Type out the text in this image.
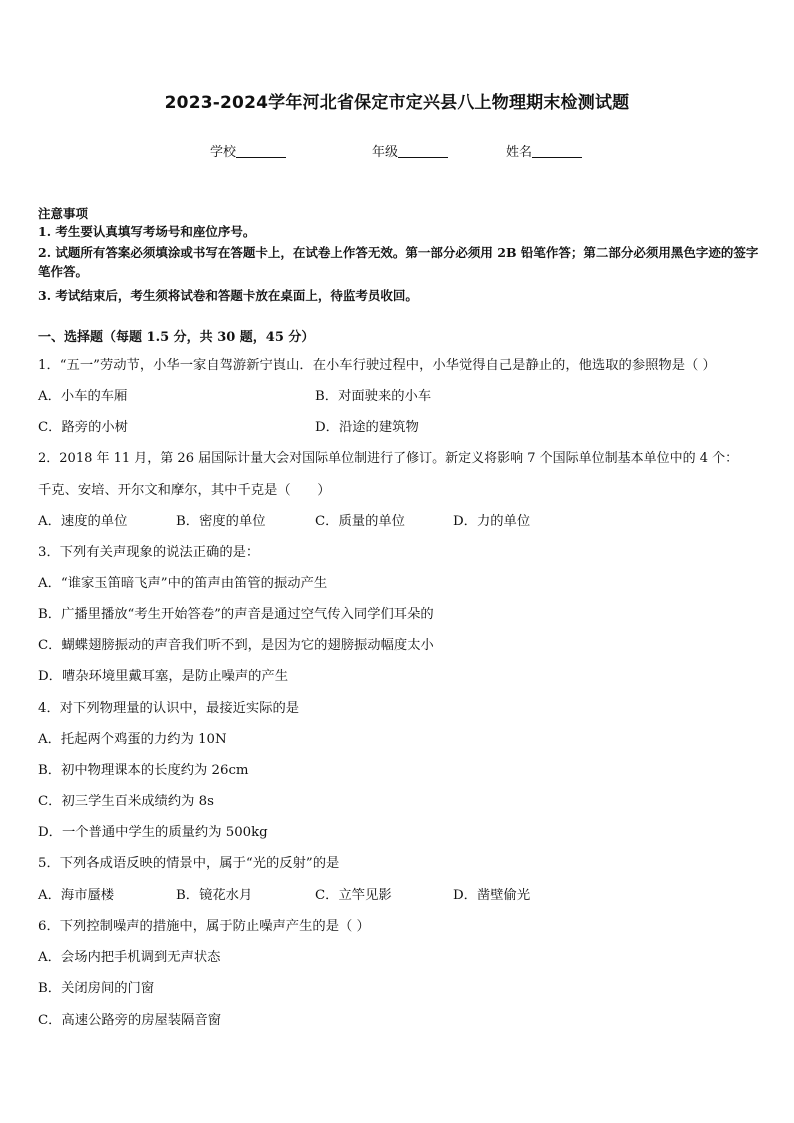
2023-2024学年河北省保定市定兴县八上物理期末检测试题
学校	年级	姓名
注意事项
1. 考生要认真填写考场号和座位序号。
2. 试题所有答案必须填涂或书写在答题卡上，在试卷上作答无效。第一部分必须用 2B 铅笔作答；第二部分必须用黑色字迹的签字笔作答。
3. 考试结束后，考生须将试卷和答题卡放在桌面上，待监考员收回。
一、选择题（每题 1.5 分，共 30 题，45 分）
1．“五一”劳动节，小华一家自驾游新宁崀山．在小车行驶过程中，小华觉得自己是静止的，他选取的参照物是（ ）
A．小车的车厢	B．对面驶来的小车
C．路旁的小树	D．沿途的建筑物
2．2018 年 11 月，第 26 届国际计量大会对国际单位制进行了修订。新定义将影响 7 个国际单位制基本单位中的 4 个：
千克、安培、开尔文和摩尔，其中千克是（　　）
A．速度的单位	B．密度的单位	C．质量的单位	D．力的单位
3．下列有关声现象的说法正确的是：
A．“谁家玉笛暗飞声”中的笛声由笛管的振动产生
B．广播里播放“考生开始答卷”的声音是通过空气传入同学们耳朵的
C．蝴蝶翅膀振动的声音我们听不到，是因为它的翅膀振动幅度太小
D．嘈杂环境里戴耳塞，是防止噪声的产生
4．对下列物理量的认识中，最接近实际的是
A．托起两个鸡蛋的力约为 10N
B．初中物理课本的长度约为 26cm
C．初三学生百米成绩约为 8s
D．一个普通中学生的质量约为 500kg
5．下列各成语反映的情景中，属于“光的反射”的是
A．海市蜃楼	B．镜花水月	C．立竿见影	D．凿壁偷光
6．下列控制噪声的措施中，属于防止噪声产生的是（ ）
A．会场内把手机调到无声状态
B．关闭房间的门窗
C．高速公路旁的房屋装隔音窗
